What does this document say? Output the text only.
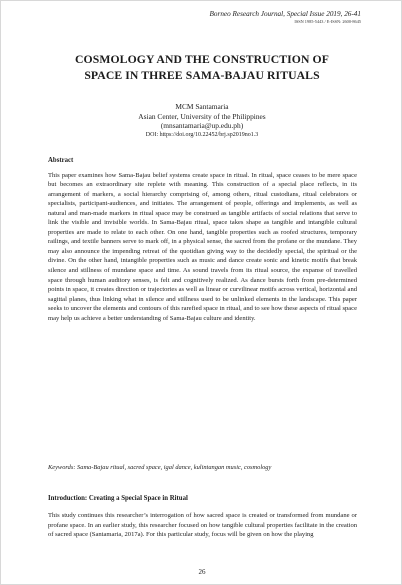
Borneo Research Journal, Special Issue 2019, 26-41
ISSN 1985-5443 / E-ISSN: 2600-8645
COSMOLOGY AND THE CONSTRUCTION OF
SPACE IN THREE SAMA-BAJAU RITUALS
MCM Santamaria
Asian Center, University of the Philippines
(mnsantamaria@up.edu.ph)
DOI: https://doi.org/10.22452/brj.sp2019no1.3
Abstract

This paper examines how Sama-Bajau belief systems create space in ritual. In ritual, space ceases to be mere space but becomes an extraordinary site replete with meaning. This construction of a special place reflects, in its arrangement of markers, a social hierarchy comprising of, among others, ritual custodians, ritual celebrators or specialists, participant-audiences, and initiates. The arrangement of people, offerings and implements, as well as natural and man-made markers in ritual space may be construed as tangible artifacts of social relations that serve to link the visible and invisible worlds. In Sama-Bajau ritual, space takes shape as tangible and intangible cultural properties are made to relate to each other. On one hand, tangible properties such as roofed structures, temporary railings, and textile banners serve to mark off, in a physical sense, the sacred from the profane or the mundane. They may also announce the impending retreat of the quotidian giving way to the decidedly special, the spiritual or the divine. On the other hand, intangible properties such as music and dance create sonic and kinetic motifs that break silence and stillness of mundane space and time. As sound travels from its ritual source, the expanse of travelled space through human auditory senses, is felt and cognitively realized. As dance bursts forth from pre-determined points in space, it creates direction or trajectories as well as linear or curvilinear motifs across vertical, horizontal and sagittal planes, thus linking what in silence and stillness used to be unlinked elements in the landscape. This paper seeks to uncover the elements and contours of this rarefied space in ritual, and to see how these aspects of ritual space may help us achieve a better understanding of Sama-Bajau culture and identity.

Keywords: Sama-Bajau ritual, sacred space, igal dance, kulintangan music, cosmology
Introduction: Creating a Special Space in Ritual
This study continues this researcher’s interrogation of how sacred space is created or transformed from mundane or profane space. In an earlier study, this researcher focused on how tangible cultural properties facilitate in the creation of sacred space (Santamaria, 2017a). For this particular study, focus will be given on how the playing
26
